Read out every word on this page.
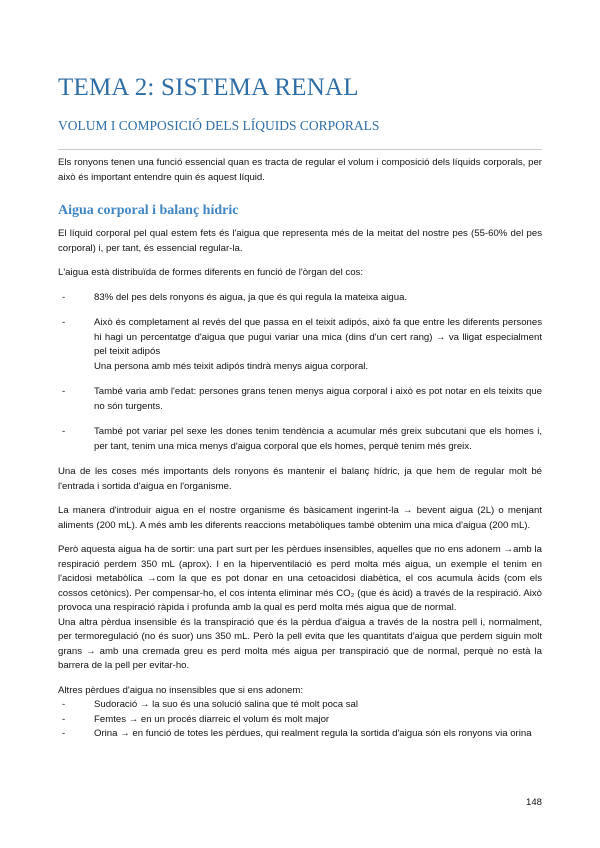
TEMA 2: SISTEMA RENAL
VOLUM I COMPOSICIÓ DELS LÍQUIDS CORPORALS

Els ronyons tenen una funció essencial quan es tracta de regular el volum i composició dels líquids corporals, per això és important entendre quin és aquest líquid.

Aigua corporal i balanç hídric

El líquid corporal pel qual estem fets és l'aigua que representa més de la meitat del nostre pes (55-60% del pes corporal) i, per tant, és essencial regular-la.

L'aigua està distribuïda de formes diferents en funció de l'òrgan del cos:

- 83% del pes dels ronyons és aigua, ja que és qui regula la mateixa aigua.
- Això és completament al revés del que passa en el teixit adipós, això fa que entre les diferents persones hi hagi un percentatge d'aigua que pugui variar una mica (dins d'un cert rang) → va lligat especialment pel teixit adipós
Una persona amb més teixit adipós tindrà menys aigua corporal.
- També varia amb l'edat: persones grans tenen menys aigua corporal i això es pot notar en els teixits que no són turgents.
- També pot variar pel sexe les dones tenim tendència a acumular més greix subcutani que els homes i, per tant, tenim una mica menys d'aigua corporal que els homes, perquè tenim més greix.

Una de les coses més importants dels ronyons és mantenir el balanç hídric, ja que hem de regular molt bé l'entrada i sortida d'aigua en l'organisme.

La manera d'introduir aigua en el nostre organisme és bàsicament ingerint-la → bevent aigua (2L) o menjant aliments (200 mL). A més amb les diferents reaccions metabòliques també obtenim una mica d'aigua (200 mL).

Però aquesta aigua ha de sortir: una part surt per les pèrdues insensibles, aquelles que no ens adonem →amb la respiració perdem 350 mL (aprox). I en la hiperventilació es perd molta més aigua, un exemple el tenim en l'acidosi metabòlica →com la que es pot donar en una cetoacidosi diabètica, el cos acumula àcids (com els cossos cetònics). Per compensar-ho, el cos intenta eliminar més CO₂ (que és àcid) a través de la respiració. Això provoca una respiració ràpida i profunda amb la qual es perd molta més aigua que de normal.

Una altra pèrdua insensible és la transpiració que és la pèrdua d'aigua a través de la nostra pell i, normalment, per termoregulació (no és suor) uns 350 mL. Però la pell evita que les quantitats d'aigua que perdem siguin molt grans → amb una cremada greu es perd molta més aigua per transpiració que de normal, perquè no està la barrera de la pell per evitar-ho.

Altres pèrdues d'aigua no insensibles que si ens adonem:

- Sudoració → la suo és una solució salina que té molt poca sal
- Femtes → en un procés diarreic el volum és molt major
- Orina → en funció de totes les pèrdues, qui realment regula la sortida d'aigua són els ronyons via orina
148
